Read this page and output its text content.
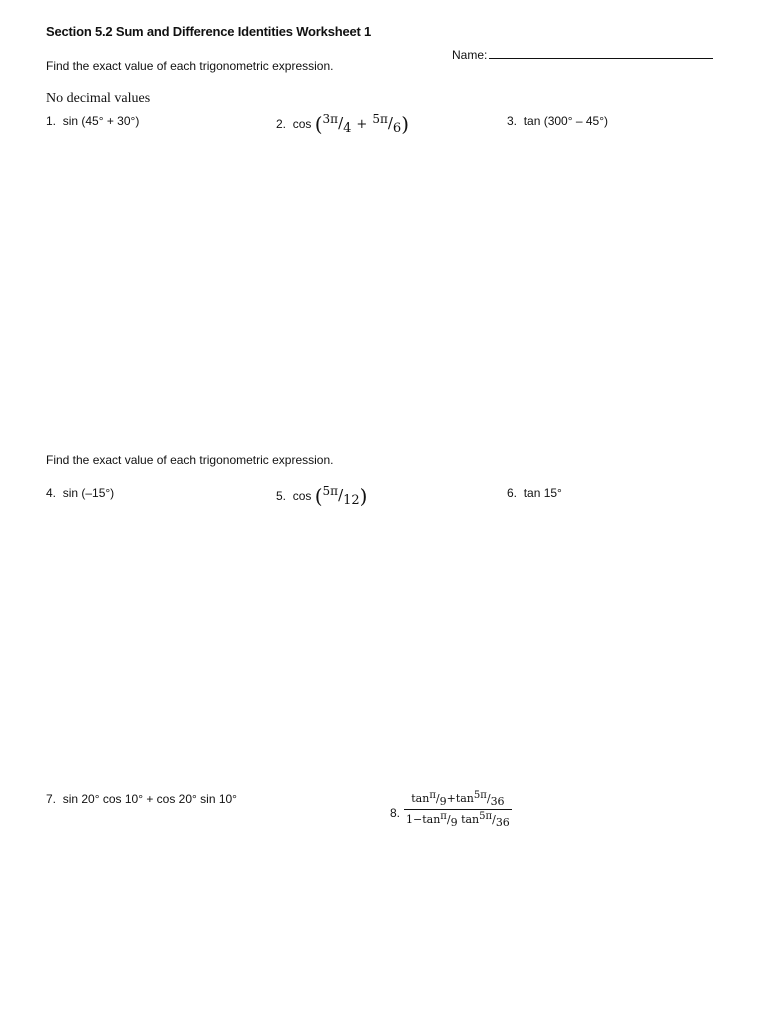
Section 5.2 Sum and Difference Identities Worksheet 1
Name:
Find the exact value of each trigonometric expression.
No decimal values
1. sin (45° + 30°)	2. cos (3π/4 + 5π/6)	3. tan (300° – 45°)
Find the exact value of each trigonometric expression.
4. sin (–15°)	5. cos (5π/12)	6. tan 15°
7. sin 20° cos 10° + cos 20° sin 10°
8.
tanπ/9+tan5π/36
1−tanπ/9 tan5π/36
